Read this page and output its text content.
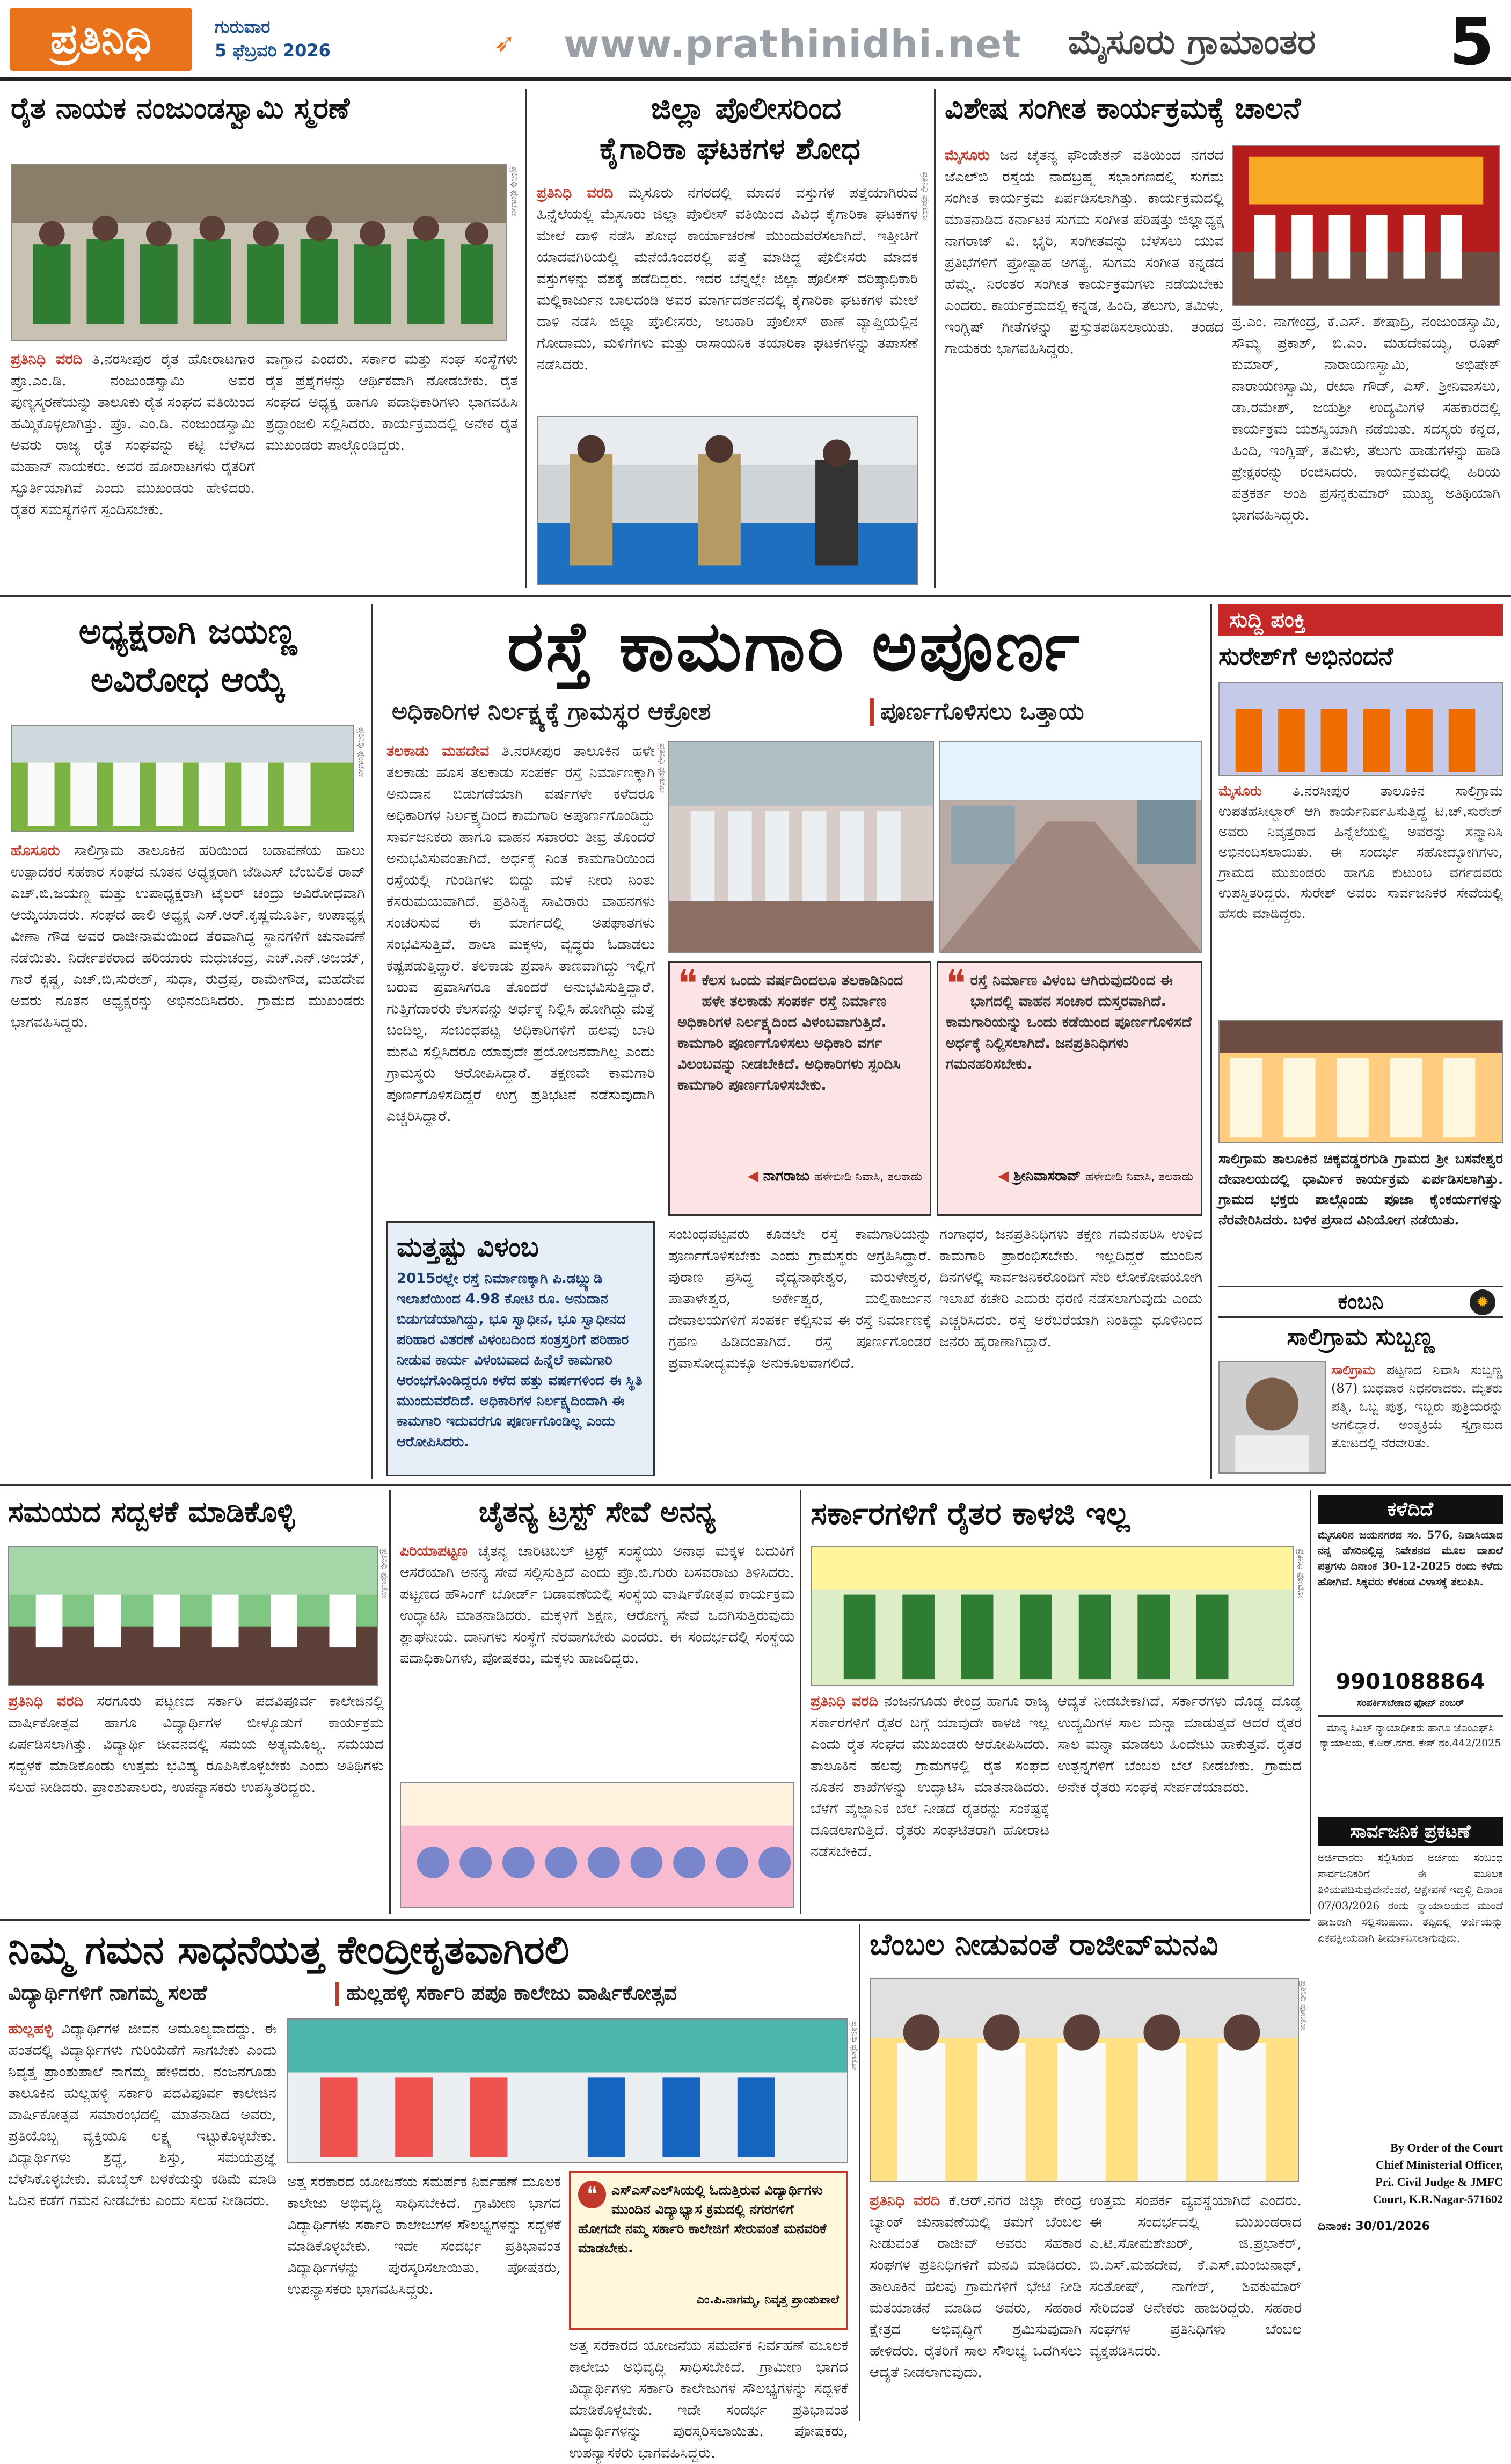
ಪ್ರತಿನಿಧಿ	ಗುರುವಾರ
5 ಫೆಬ್ರವರಿ 2026	➶ www.prathinidhi.net ಮೈಸೂರು ಗ್ರಾಮಾಂತರ 5
ರೈತ ನಾಯಕ ನಂಜುಂಡಸ್ವಾಮಿ ಸ್ಮರಣೆ
ಪ್ರತಿನಿಧಿ ಫೋಟೋ
ಪ್ರತಿನಿಧಿ ವರದಿ ತಿ.ನರಸೀಪುರ ರೈತ ಹೋರಾಟಗಾರ ಪ್ರೊ.ಎಂ.ಡಿ. ನಂಜುಂಡಸ್ವಾಮಿ ಅವರ ಪುಣ್ಯಸ್ಮರಣೆಯನ್ನು ತಾಲೂಕು ರೈತ ಸಂಘದ ವತಿಯಿಂದ ಹಮ್ಮಿಕೊಳ್ಳಲಾಗಿತ್ತು. ಪ್ರೊ. ಎಂ.ಡಿ. ನಂಜುಂಡಸ್ವಾಮಿ ಅವರು ರಾಜ್ಯ ರೈತ ಸಂಘವನ್ನು ಕಟ್ಟಿ ಬೆಳೆಸಿದ ಮಹಾನ್ ನಾಯಕರು. ಅವರ ಹೋರಾಟಗಳು ರೈತರಿಗೆ ಸ್ಫೂರ್ತಿಯಾಗಿವೆ ಎಂದು ಮುಖಂಡರು ಹೇಳಿದರು. ರೈತರ ಸಮಸ್ಯೆಗಳಿಗೆ ಸ್ಪಂದಿಸಬೇಕು.
ವಾಗ್ದಾನ ಎಂದರು. ಸರ್ಕಾರ ಮತ್ತು ಸಂಘ ಸಂಸ್ಥೆಗಳು ರೈತ ಪ್ರಶ್ನೆಗಳನ್ನು ಆರ್ಥಿಕವಾಗಿ ನೋಡಬೇಕು. ರೈತ ಸಂಘದ ಅಧ್ಯಕ್ಷ ಹಾಗೂ ಪದಾಧಿಕಾರಿಗಳು ಭಾಗವಹಿಸಿ ಶ್ರದ್ಧಾಂಜಲಿ ಸಲ್ಲಿಸಿದರು. ಕಾರ್ಯಕ್ರಮದಲ್ಲಿ ಅನೇಕ ರೈತ ಮುಖಂಡರು ಪಾಲ್ಗೊಂಡಿದ್ದರು.
ಜಿಲ್ಲಾ ಪೊಲೀಸರಿಂದ
ಕೈಗಾರಿಕಾ ಘಟಕಗಳ ಶೋಧ
ಪ್ರತಿನಿಧಿ ಫೋಟೋ
ಪ್ರತಿನಿಧಿ ವರದಿ ಮೈಸೂರು ನಗರದಲ್ಲಿ ಮಾದಕ ವಸ್ತುಗಳ ಪತ್ತೆಯಾಗಿರುವ ಹಿನ್ನೆಲೆಯಲ್ಲಿ ಮೈಸೂರು ಜಿಲ್ಲಾ ಪೊಲೀಸ್ ವತಿಯಿಂದ ವಿವಿಧ ಕೈಗಾರಿಕಾ ಘಟಕಗಳ ಮೇಲೆ ದಾಳಿ ನಡೆಸಿ ಶೋಧ ಕಾರ್ಯಾಚರಣೆ ಮುಂದುವರೆಸಲಾಗಿದೆ. ಇತ್ತೀಚಿಗೆ ಯಾದವಗಿರಿಯಲ್ಲಿ ಮನೆಯೊಂದರಲ್ಲಿ ಪತ್ತೆ ಮಾಡಿದ್ದ ಪೊಲೀಸರು ಮಾದಕ ವಸ್ತುಗಳನ್ನು ವಶಕ್ಕೆ ಪಡೆದಿದ್ದರು. ಇದರ ಬೆನ್ನಲ್ಲೇ ಜಿಲ್ಲಾ ಪೊಲೀಸ್ ವರಿಷ್ಠಾಧಿಕಾರಿ ಮಲ್ಲಿಕಾರ್ಜುನ ಬಾಲದಂಡಿ ಅವರ ಮಾರ್ಗದರ್ಶನದಲ್ಲಿ ಕೈಗಾರಿಕಾ ಘಟಕಗಳ ಮೇಲೆ ದಾಳಿ ನಡೆಸಿ ಜಿಲ್ಲಾ ಪೊಲೀಸರು, ಅಬಕಾರಿ ಪೊಲೀಸ್ ಠಾಣೆ ವ್ಯಾಪ್ತಿಯಲ್ಲಿನ ಗೋದಾಮು, ಮಳಿಗೆಗಳು ಮತ್ತು ರಾಸಾಯನಿಕ ತಯಾರಿಕಾ ಘಟಕಗಳನ್ನು ತಪಾಸಣೆ ನಡೆಸಿದರು.
ವಿಶೇಷ ಸಂಗೀತ ಕಾರ್ಯಕ್ರಮಕ್ಕೆ ಚಾಲನೆ
ಮೈಸೂರು ಜನ ಚೈತನ್ಯ ಫೌಂಡೇಶನ್ ವತಿಯಿಂದ ನಗರದ ಜೆಎಲ್‌ಬಿ ರಸ್ತೆಯ ನಾದಬ್ರಹ್ಮ ಸಭಾಂಗಣದಲ್ಲಿ ಸುಗಮ ಸಂಗೀತ ಕಾರ್ಯಕ್ರಮ ಏರ್ಪಡಿಸಲಾಗಿತ್ತು. ಕಾರ್ಯಕ್ರಮದಲ್ಲಿ ಮಾತನಾಡಿದ ಕರ್ನಾಟಕ ಸುಗಮ ಸಂಗೀತ ಪರಿಷತ್ತು ಜಿಲ್ಲಾಧ್ಯಕ್ಷ ನಾಗರಾಜ್ ವಿ. ಭೈರಿ, ಸಂಗೀತವನ್ನು ಬೆಳೆಸಲು ಯುವ ಪ್ರತಿಭೆಗಳಿಗೆ ಪ್ರೋತ್ಸಾಹ ಅಗತ್ಯ. ಸುಗಮ ಸಂಗೀತ ಕನ್ನಡದ ಹೆಮ್ಮೆ. ನಿರಂತರ ಸಂಗೀತ ಕಾರ್ಯಕ್ರಮಗಳು ನಡೆಯಬೇಕು ಎಂದರು. ಕಾರ್ಯಕ್ರಮದಲ್ಲಿ ಕನ್ನಡ, ಹಿಂದಿ, ತೆಲುಗು, ತಮಿಳು, ಇಂಗ್ಲಿಷ್ ಗೀತೆಗಳನ್ನು ಪ್ರಸ್ತುತಪಡಿಸಲಾಯಿತು. ತಂಡದ ಗಾಯಕರು ಭಾಗವಹಿಸಿದ್ದರು.
ಪ್ರ.ಎಂ. ನಾಗೇಂದ್ರ, ಕೆ.ಎಸ್. ಶೇಷಾದ್ರಿ, ನಂಜುಂಡಸ್ವಾಮಿ, ಸೌಮ್ಯ ಪ್ರಕಾಶ್, ಬಿ.ಎಂ. ಮಹದೇವಯ್ಯ, ರೂಪ್ ಕುಮಾರ್, ನಾರಾಯಣಸ್ವಾಮಿ, ಅಭಿಷೇಕ್ ನಾರಾಯಣಸ್ವಾಮಿ, ರೇಖಾ ಗೌಡ್, ಎಸ್. ಶ್ರೀನಿವಾಸಲು, ಡಾ.ರಮೇಶ್, ಜಯಶ್ರೀ ಉದ್ಯಮಿಗಳ ಸಹಕಾರದಲ್ಲಿ ಕಾರ್ಯಕ್ರಮ ಯಶಸ್ವಿಯಾಗಿ ನಡೆಯಿತು. ಸದಸ್ಯರು ಕನ್ನಡ, ಹಿಂದಿ, ಇಂಗ್ಲಿಷ್, ತಮಿಳು, ತೆಲುಗು ಹಾಡುಗಳನ್ನು ಹಾಡಿ ಪ್ರೇಕ್ಷಕರನ್ನು ರಂಜಿಸಿದರು. ಕಾರ್ಯಕ್ರಮದಲ್ಲಿ ಹಿರಿಯ ಪತ್ರಕರ್ತ ಅಂಶಿ ಪ್ರಸನ್ನಕುಮಾರ್ ಮುಖ್ಯ ಅತಿಥಿಯಾಗಿ ಭಾಗವಹಿಸಿದ್ದರು.
ಅಧ್ಯಕ್ಷರಾಗಿ ಜಯಣ್ಣ
ಅವಿರೋಧ ಆಯ್ಕೆ
ಪ್ರತಿನಿಧಿ ಫೋಟೋ
ಹೊಸೂರು ಸಾಲಿಗ್ರಾಮ ತಾಲೂಕಿನ ಹರಿಯಿಂದ ಬಡಾವಣೆಯ ಹಾಲು ಉತ್ಪಾದಕರ ಸಹಕಾರ ಸಂಘದ ನೂತನ ಅಧ್ಯಕ್ಷರಾಗಿ ಜೆಡಿಎಸ್ ಬೆಂಬಲಿತ ರಾವ್ ಎಚ್.ಬಿ.ಜಯಣ್ಣ ಮತ್ತು ಉಪಾಧ್ಯಕ್ಷರಾಗಿ ಟೈಲರ್ ಚಂದ್ರು ಅವಿರೋಧವಾಗಿ ಆಯ್ಕೆಯಾದರು. ಸಂಘದ ಹಾಲಿ ಅಧ್ಯಕ್ಷ ಎಸ್.ಆರ್.ಕೃಷ್ಣಮೂರ್ತಿ, ಉಪಾಧ್ಯಕ್ಷ ವೀಣಾ ಗೌಡ ಅವರ ರಾಜೀನಾಮೆಯಿಂದ ತೆರವಾಗಿದ್ದ ಸ್ಥಾನಗಳಿಗೆ ಚುನಾವಣೆ ನಡೆಯಿತು. ನಿರ್ದೇಶಕರಾದ ಹರಿಯಾರು ಮಧುಚಂದ್ರ, ಎಚ್.ಎನ್.ಅಜಯ್, ಗಾರೆ ಕೃಷ್ಣ, ಎಚ್.ಬಿ.ಸುರೇಶ್, ಸುಧಾ, ರುದ್ರಪ್ಪ, ರಾಮೇಗೌಡ, ಮಹದೇವ ಅವರು ನೂತನ ಅಧ್ಯಕ್ಷರನ್ನು ಅಭಿನಂದಿಸಿದರು. ಗ್ರಾಮದ ಮುಖಂಡರು ಭಾಗವಹಿಸಿದ್ದರು.
ರಸ್ತೆ ಕಾಮಗಾರಿ ಅಪೂರ್ಣ
ಅಧಿಕಾರಿಗಳ ನಿರ್ಲಕ್ಷ್ಯಕ್ಕೆ ಗ್ರಾಮಸ್ಥರ ಆಕ್ರೋಶ	ಪೂರ್ಣಗೊಳಿಸಲು ಒತ್ತಾಯ
ತಲಕಾಡು ಮಹದೇವ ತಿ.ನರಸೀಪುರ ತಾಲೂಕಿನ ಹಳೇ ತಲಕಾಡು ಹೊಸ ತಲಕಾಡು ಸಂಪರ್ಕ ರಸ್ತೆ ನಿರ್ಮಾಣಕ್ಕಾಗಿ ಅನುದಾನ ಬಿಡುಗಡೆಯಾಗಿ ವರ್ಷಗಳೇ ಕಳೆದರೂ ಅಧಿಕಾರಿಗಳ ನಿರ್ಲಕ್ಷ್ಯದಿಂದ ಕಾಮಗಾರಿ ಅಪೂರ್ಣಗೊಂಡಿದ್ದು ಸಾರ್ವಜನಿಕರು ಹಾಗೂ ವಾಹನ ಸವಾರರು ತೀವ್ರ ತೊಂದರೆ ಅನುಭವಿಸುವಂತಾಗಿದೆ. ಅರ್ಧಕ್ಕೆ ನಿಂತ ಕಾಮಗಾರಿಯಿಂದ ರಸ್ತೆಯಲ್ಲಿ ಗುಂಡಿಗಳು ಬಿದ್ದು ಮಳೆ ನೀರು ನಿಂತು ಕೆಸರುಮಯವಾಗಿದೆ. ಪ್ರತಿನಿತ್ಯ ಸಾವಿರಾರು ವಾಹನಗಳು ಸಂಚರಿಸುವ ಈ ಮಾರ್ಗದಲ್ಲಿ ಅಪಘಾತಗಳು ಸಂಭವಿಸುತ್ತಿವೆ. ಶಾಲಾ ಮಕ್ಕಳು, ವೃದ್ಧರು ಓಡಾಡಲು ಕಷ್ಟಪಡುತ್ತಿದ್ದಾರೆ. ತಲಕಾಡು ಪ್ರವಾಸಿ ತಾಣವಾಗಿದ್ದು ಇಲ್ಲಿಗೆ ಬರುವ ಪ್ರವಾಸಿಗರೂ ತೊಂದರೆ ಅನುಭವಿಸುತ್ತಿದ್ದಾರೆ. ಗುತ್ತಿಗೆದಾರರು ಕೆಲಸವನ್ನು ಅರ್ಧಕ್ಕೆ ನಿಲ್ಲಿಸಿ ಹೋಗಿದ್ದು ಮತ್ತೆ ಬಂದಿಲ್ಲ. ಸಂಬಂಧಪಟ್ಟ ಅಧಿಕಾರಿಗಳಿಗೆ ಹಲವು ಬಾರಿ ಮನವಿ ಸಲ್ಲಿಸಿದರೂ ಯಾವುದೇ ಪ್ರಯೋಜನವಾಗಿಲ್ಲ ಎಂದು ಗ್ರಾಮಸ್ಥರು ಆರೋಪಿಸಿದ್ದಾರೆ. ತಕ್ಷಣವೇ ಕಾಮಗಾರಿ ಪೂರ್ಣಗೊಳಿಸದಿದ್ದರೆ ಉಗ್ರ ಪ್ರತಿಭಟನೆ ನಡೆಸುವುದಾಗಿ ಎಚ್ಚರಿಸಿದ್ದಾರೆ.
ಪ್ರತಿನಿಧಿ ಫೋಟೋ
❝ ಕೆಲಸ ಒಂದು ವರ್ಷದಿಂದಲೂ ತಲಕಾಡಿನಿಂದ ಹಳೇ ತಲಕಾಡು ಸಂಪರ್ಕ ರಸ್ತೆ ನಿರ್ಮಾಣ ಅಧಿಕಾರಿಗಳ ನಿರ್ಲಕ್ಷ್ಯದಿಂದ ವಿಳಂಬವಾಗುತ್ತಿದೆ. ಕಾಮಗಾರಿ ಪೂರ್ಣಗೊಳಿಸಲು ಅಧಿಕಾರಿ ವರ್ಗ ವಿಲಂಬವನ್ನು ನೀಡಬೇಕಿದೆ. ಅಧಿಕಾರಿಗಳು ಸ್ಪಂದಿಸಿ ಕಾಮಗಾರಿ ಪೂರ್ಣಗೊಳಿಸಬೇಕು.
◀ ನಾಗರಾಜು ಹಳೇಬೀಡಿ ನಿವಾಸಿ, ತಲಕಾಡು
❝ ರಸ್ತೆ ನಿರ್ಮಾಣ ವಿಳಂಬ ಆಗಿರುವುದರಿಂದ ಈ ಭಾಗದಲ್ಲಿ ವಾಹನ ಸಂಚಾರ ದುಸ್ತರವಾಗಿದೆ. ಕಾಮಗಾರಿಯನ್ನು ಒಂದು ಕಡೆಯಿಂದ ಪೂರ್ಣಗೊಳಿಸದೆ ಅರ್ಧಕ್ಕೆ ನಿಲ್ಲಿಸಲಾಗಿದೆ. ಜನಪ್ರತಿನಿಧಿಗಳು ಗಮನಹರಿಸಬೇಕು.
◀ ಶ್ರೀನಿವಾಸರಾವ್ ಹಳೇಬೀಡಿ ನಿವಾಸಿ, ತಲಕಾಡು
ಮತ್ತಷ್ಟು ವಿಳಂಬ
2015ರಲ್ಲೇ ರಸ್ತೆ ನಿರ್ಮಾಣಕ್ಕಾಗಿ ಪಿ.ಡಬ್ಲ್ಯುಡಿ ಇಲಾಖೆಯಿಂದ 4.98 ಕೋಟಿ ರೂ. ಅನುದಾನ ಬಿಡುಗಡೆಯಾಗಿದ್ದು, ಭೂ ಸ್ವಾಧೀನ, ಭೂ ಸ್ವಾಧೀನದ ಪರಿಹಾರ ವಿತರಣೆ ವಿಳಂಬದಿಂದ ಸಂತ್ರಸ್ತರಿಗೆ ಪರಿಹಾರ ನೀಡುವ ಕಾರ್ಯ ವಿಳಂಬವಾದ ಹಿನ್ನೆಲೆ ಕಾಮಗಾರಿ ಆರಂಭಗೊಂಡಿದ್ದರೂ ಕಳೆದ ಹತ್ತು ವರ್ಷಗಳಿಂದ ಈ ಸ್ಥಿತಿ ಮುಂದುವರೆದಿದೆ. ಅಧಿಕಾರಿಗಳ ನಿರ್ಲಕ್ಷ್ಯದಿಂದಾಗಿ ಈ ಕಾಮಗಾರಿ ಇದುವರೆಗೂ ಪೂರ್ಣಗೊಂಡಿಲ್ಲ ಎಂದು ಆರೋಪಿಸಿದರು.
ಸಂಬಂಧಪಟ್ಟವರು ಕೂಡಲೇ ರಸ್ತೆ ಕಾಮಗಾರಿಯನ್ನು ಪೂರ್ಣಗೊಳಿಸಬೇಕು ಎಂದು ಗ್ರಾಮಸ್ಥರು ಆಗ್ರಹಿಸಿದ್ದಾರೆ. ಪುರಾಣ ಪ್ರಸಿದ್ಧ ವೈದ್ಯನಾಥೇಶ್ವರ, ಮರುಳೇಶ್ವರ, ಪಾತಾಳೇಶ್ವರ, ಅರ್ಕೇಶ್ವರ, ಮಲ್ಲಿಕಾರ್ಜುನ ದೇವಾಲಯಗಳಿಗೆ ಸಂಪರ್ಕ ಕಲ್ಪಿಸುವ ಈ ರಸ್ತೆ ನಿರ್ಮಾಣಕ್ಕೆ ಗ್ರಹಣ ಹಿಡಿದಂತಾಗಿದೆ. ರಸ್ತೆ ಪೂರ್ಣಗೊಂಡರೆ ಪ್ರವಾಸೋದ್ಯಮಕ್ಕೂ ಅನುಕೂಲವಾಗಲಿದೆ.
ಗಂಗಾಧರ, ಜನಪ್ರತಿನಿಧಿಗಳು ತಕ್ಷಣ ಗಮನಹರಿಸಿ ಉಳಿದ ಕಾಮಗಾರಿ ಪ್ರಾರಂಭಿಸಬೇಕು. ಇಲ್ಲದಿದ್ದರೆ ಮುಂದಿನ ದಿನಗಳಲ್ಲಿ ಸಾರ್ವಜನಿಕರೊಂದಿಗೆ ಸೇರಿ ಲೋಕೋಪಯೋಗಿ ಇಲಾಖೆ ಕಚೇರಿ ಎದುರು ಧರಣಿ ನಡೆಸಲಾಗುವುದು ಎಂದು ಎಚ್ಚರಿಸಿದರು. ರಸ್ತೆ ಅರೆಬರೆಯಾಗಿ ನಿಂತಿದ್ದು ಧೂಳಿನಿಂದ ಜನರು ಹೈರಾಣಾಗಿದ್ದಾರೆ.
ಸುದ್ದಿ ಪಂಕ್ತಿ
ಸುರೇಶ್‌ಗೆ ಅಭಿನಂದನೆ
ಮೈಸೂರು ತಿ.ನರಸೀಪುರ ತಾಲೂಕಿನ ಸಾಲಿಗ್ರಾಮ ಉಪತಹಸೀಲ್ದಾರ್ ಆಗಿ ಕಾರ್ಯನಿರ್ವಹಿಸುತ್ತಿದ್ದ ಟಿ.ಚ್.ಸುರೇಶ್ ಅವರು ನಿವೃತ್ತರಾದ ಹಿನ್ನೆಲೆಯಲ್ಲಿ ಅವರನ್ನು ಸನ್ಮಾನಿಸಿ ಅಭಿನಂದಿಸಲಾಯಿತು. ಈ ಸಂದರ್ಭ ಸಹೋದ್ಯೋಗಿಗಳು, ಗ್ರಾಮದ ಮುಖಂಡರು ಹಾಗೂ ಕುಟುಂಬ ವರ್ಗದವರು ಉಪಸ್ಥಿತರಿದ್ದರು. ಸುರೇಶ್ ಅವರು ಸಾರ್ವಜನಿಕರ ಸೇವೆಯಲ್ಲಿ ಹೆಸರು ಮಾಡಿದ್ದರು.
ಸಾಲಿಗ್ರಾಮ ತಾಲೂಕಿನ ಚಿಕ್ಕವಡ್ಡರಗುಡಿ ಗ್ರಾಮದ ಶ್ರೀ ಬಸವೇಶ್ವರ ದೇವಾಲಯದಲ್ಲಿ ಧಾರ್ಮಿಕ ಕಾರ್ಯಕ್ರಮ ಏರ್ಪಡಿಸಲಾಗಿತ್ತು. ಗ್ರಾಮದ ಭಕ್ತರು ಪಾಲ್ಗೊಂಡು ಪೂಜಾ ಕೈಂಕರ್ಯಗಳನ್ನು ನೆರವೇರಿಸಿದರು. ಬಳಿಕ ಪ್ರಸಾದ ವಿನಿಯೋಗ ನಡೆಯಿತು.
ಕಂಬನಿ	✹
ಸಾಲಿಗ್ರಾಮ ಸುಬ್ಬಣ್ಣ
ಸಾಲಿಗ್ರಾಮ ಪಟ್ಟಣದ ನಿವಾಸಿ ಸುಬ್ಬಣ್ಣ (87) ಬುಧವಾರ ನಿಧನರಾದರು. ಮೃತರು ಪತ್ನಿ, ಒಬ್ಬ ಪುತ್ರ, ಇಬ್ಬರು ಪುತ್ರಿಯರನ್ನು ಅಗಲಿದ್ದಾರೆ. ಅಂತ್ಯಕ್ರಿಯೆ ಸ್ವಗ್ರಾಮದ ತೋಟದಲ್ಲಿ ನೆರವೇರಿತು.
ಸಮಯದ ಸದ್ಬಳಕೆ ಮಾಡಿಕೊಳ್ಳಿ
ಪ್ರತಿನಿಧಿ ಫೋಟೋ
ಪ್ರತಿನಿಧಿ ವರದಿ ಸರಗೂರು ಪಟ್ಟಣದ ಸರ್ಕಾರಿ ಪದವಿಪೂರ್ವ ಕಾಲೇಜಿನಲ್ಲಿ ವಾರ್ಷಿಕೋತ್ಸವ ಹಾಗೂ ವಿದ್ಯಾರ್ಥಿಗಳ ಬೀಳ್ಕೊಡುಗೆ ಕಾರ್ಯಕ್ರಮ ಏರ್ಪಡಿಸಲಾಗಿತ್ತು. ವಿದ್ಯಾರ್ಥಿ ಜೀವನದಲ್ಲಿ ಸಮಯ ಅತ್ಯಮೂಲ್ಯ. ಸಮಯದ ಸದ್ಬಳಕೆ ಮಾಡಿಕೊಂಡು ಉತ್ತಮ ಭವಿಷ್ಯ ರೂಪಿಸಿಕೊಳ್ಳಬೇಕು ಎಂದು ಅತಿಥಿಗಳು ಸಲಹೆ ನೀಡಿದರು. ಪ್ರಾಂಶುಪಾಲರು, ಉಪನ್ಯಾಸಕರು ಉಪಸ್ಥಿತರಿದ್ದರು.
ಚೈತನ್ಯ ಟ್ರಸ್ಟ್ ಸೇವೆ ಅನನ್ಯ
ಪಿರಿಯಾಪಟ್ಟಣ ಚೈತನ್ಯ ಚಾರಿಟಬಲ್ ಟ್ರಸ್ಟ್ ಸಂಸ್ಥೆಯು ಅನಾಥ ಮಕ್ಕಳ ಬದುಕಿಗೆ ಆಸರೆಯಾಗಿ ಅನನ್ಯ ಸೇವೆ ಸಲ್ಲಿಸುತ್ತಿದೆ ಎಂದು ಪ್ರೊ.ಬಿ.ಗುರು ಬಸವರಾಜು ತಿಳಿಸಿದರು. ಪಟ್ಟಣದ ಹೌಸಿಂಗ್ ಬೋರ್ಡ್ ಬಡಾವಣೆಯಲ್ಲಿ ಸಂಸ್ಥೆಯ ವಾರ್ಷಿಕೋತ್ಸವ ಕಾರ್ಯಕ್ರಮ ಉದ್ಘಾಟಿಸಿ ಮಾತನಾಡಿದರು. ಮಕ್ಕಳಿಗೆ ಶಿಕ್ಷಣ, ಆರೋಗ್ಯ ಸೇವೆ ಒದಗಿಸುತ್ತಿರುವುದು ಶ್ಲಾಘನೀಯ. ದಾನಿಗಳು ಸಂಸ್ಥೆಗೆ ನೆರವಾಗಬೇಕು ಎಂದರು. ಈ ಸಂದರ್ಭದಲ್ಲಿ ಸಂಸ್ಥೆಯ ಪದಾಧಿಕಾರಿಗಳು, ಪೋಷಕರು, ಮಕ್ಕಳು ಹಾಜರಿದ್ದರು.
ಸರ್ಕಾರಗಳಿಗೆ ರೈತರ ಕಾಳಜಿ ಇಲ್ಲ
ಪ್ರತಿನಿಧಿ ಫೋಟೋ
ಪ್ರತಿನಿಧಿ ವರದಿ ನಂಜನಗೂಡು ಕೇಂದ್ರ ಹಾಗೂ ರಾಜ್ಯ ಸರ್ಕಾರಗಳಿಗೆ ರೈತರ ಬಗ್ಗೆ ಯಾವುದೇ ಕಾಳಜಿ ಇಲ್ಲ ಎಂದು ರೈತ ಸಂಘದ ಮುಖಂಡರು ಆರೋಪಿಸಿದರು. ತಾಲೂಕಿನ ಹಲವು ಗ್ರಾಮಗಳಲ್ಲಿ ರೈತ ಸಂಘದ ನೂತನ ಶಾಖೆಗಳನ್ನು ಉದ್ಘಾಟಿಸಿ ಮಾತನಾಡಿದರು. ಬೆಳೆಗೆ ವೈಜ್ಞಾನಿಕ ಬೆಲೆ ನೀಡದೆ ರೈತರನ್ನು ಸಂಕಷ್ಟಕ್ಕೆ ದೂಡಲಾಗುತ್ತಿದೆ. ರೈತರು ಸಂಘಟಿತರಾಗಿ ಹೋರಾಟ ನಡೆಸಬೇಕಿದೆ.
ಆದ್ಯತೆ ನೀಡಬೇಕಾಗಿದೆ. ಸರ್ಕಾರಗಳು ದೊಡ್ಡ ದೊಡ್ಡ ಉದ್ಯಮಿಗಳ ಸಾಲ ಮನ್ನಾ ಮಾಡುತ್ತವೆ ಆದರೆ ರೈತರ ಸಾಲ ಮನ್ನಾ ಮಾಡಲು ಹಿಂದೇಟು ಹಾಕುತ್ತವೆ. ರೈತರ ಉತ್ಪನ್ನಗಳಿಗೆ ಬೆಂಬಲ ಬೆಲೆ ನೀಡಬೇಕು. ಗ್ರಾಮದ ಅನೇಕ ರೈತರು ಸಂಘಕ್ಕೆ ಸೇರ್ಪಡೆಯಾದರು.
ಕಳೆದಿದೆ
ಮೈಸೂರಿನ ಜಯನಗರದ ಸಂ. 576, ನಿವಾಸಿಯಾದ ನನ್ನ ಹೆಸರಿನಲ್ಲಿದ್ದ ನಿವೇಶನದ ಮೂಲ ದಾಖಲೆ ಪತ್ರಗಳು ದಿನಾಂಕ 30-12-2025 ರಂದು ಕಳೆದು ಹೋಗಿವೆ. ಸಿಕ್ಕವರು ಕೆಳಕಂಡ ವಿಳಾಸಕ್ಕೆ ತಲುಪಿಸಿ.
9901088864
ಸಂಪರ್ಕಿಸಬೇಕಾದ ಫೋನ್ ನಂಬರ್
ಮಾನ್ಯ ಸಿವಿಲ್ ನ್ಯಾಯಾಧೀಶರು ಹಾಗೂ ಜೆಎಂಎಫ್‌ಸಿ ನ್ಯಾಯಾಲಯ, ಕೆ.ಆರ್.ನಗರ. ಕೇಸ್ ನಂ.442/2025
ಸಾರ್ವಜನಿಕ ಪ್ರಕಟಣೆ
ಅರ್ಜಿದಾರರು ಸಲ್ಲಿಸಿರುವ ಅರ್ಜಿಯ ಸಂಬಂಧ ಸಾರ್ವಜನಿಕರಿಗೆ ಈ ಮೂಲಕ ತಿಳಿಯಪಡಿಸುವುದೇನೆಂದರೆ, ಆಕ್ಷೇಪಣೆ ಇದ್ದಲ್ಲಿ ದಿನಾಂಕ 07/03/2026 ರಂದು ನ್ಯಾಯಾಲಯದ ಮುಂದೆ ಹಾಜರಾಗಿ ಸಲ್ಲಿಸಬಹುದು. ತಪ್ಪಿದಲ್ಲಿ ಅರ್ಜಿಯನ್ನು ಏಕಪಕ್ಷೀಯವಾಗಿ ತೀರ್ಮಾನಿಸಲಾಗುವುದು.
By Order of the Court
Chief Ministerial Officer,
Pri. Civil Judge & JMFC
Court, K.R.Nagar-571602
ದಿನಾಂಕ: 30/01/2026
ನಿಮ್ಮ ಗಮನ ಸಾಧನೆಯತ್ತ ಕೇಂದ್ರೀಕೃತವಾಗಿರಲಿ
ವಿದ್ಯಾರ್ಥಿಗಳಿಗೆ ನಾಗಮ್ಮ ಸಲಹೆ	ಹುಲ್ಲಹಳ್ಳಿ ಸರ್ಕಾರಿ ಪಪೂ ಕಾಲೇಜು ವಾರ್ಷಿಕೋತ್ಸವ
ಹುಲ್ಲಹಳ್ಳಿ ವಿದ್ಯಾರ್ಥಿಗಳ ಜೀವನ ಅಮೂಲ್ಯವಾದದ್ದು. ಈ ಹಂತದಲ್ಲಿ ವಿದ್ಯಾರ್ಥಿಗಳು ಗುರಿಯೆಡೆಗೆ ಸಾಗಬೇಕು ಎಂದು ನಿವೃತ್ತ ಪ್ರಾಂಶುಪಾಲೆ ನಾಗಮ್ಮ ಹೇಳಿದರು. ನಂಜನಗೂಡು ತಾಲೂಕಿನ ಹುಲ್ಲಹಳ್ಳಿ ಸರ್ಕಾರಿ ಪದವಿಪೂರ್ವ ಕಾಲೇಜಿನ ವಾರ್ಷಿಕೋತ್ಸವ ಸಮಾರಂಭದಲ್ಲಿ ಮಾತನಾಡಿದ ಅವರು, ಪ್ರತಿಯೊಬ್ಬ ವ್ಯಕ್ತಿಯೂ ಲಕ್ಷ್ಯ ಇಟ್ಟುಕೊಳ್ಳಬೇಕು. ವಿದ್ಯಾರ್ಥಿಗಳು ಶ್ರದ್ಧೆ, ಶಿಸ್ತು, ಸಮಯಪ್ರಜ್ಞೆ ಬೆಳೆಸಿಕೊಳ್ಳಬೇಕು. ಮೊಬೈಲ್ ಬಳಕೆಯನ್ನು ಕಡಿಮೆ ಮಾಡಿ ಓದಿನ ಕಡೆಗೆ ಗಮನ ನೀಡಬೇಕು ಎಂದು ಸಲಹೆ ನೀಡಿದರು.
ಪ್ರತಿನಿಧಿ ಫೋಟೋ
ಅತ್ತ ಸರಕಾರದ ಯೋಜನೆಯ ಸಮರ್ಪಕ ನಿರ್ವಹಣೆ ಮೂಲಕ ಕಾಲೇಜು ಅಭಿವೃದ್ಧಿ ಸಾಧಿಸಬೇಕಿದೆ. ಗ್ರಾಮೀಣ ಭಾಗದ ವಿದ್ಯಾರ್ಥಿಗಳು ಸರ್ಕಾರಿ ಕಾಲೇಜುಗಳ ಸೌಲಭ್ಯಗಳನ್ನು ಸದ್ಬಳಕೆ ಮಾಡಿಕೊಳ್ಳಬೇಕು. ಇದೇ ಸಂದರ್ಭ ಪ್ರತಿಭಾವಂತ ವಿದ್ಯಾರ್ಥಿಗಳನ್ನು ಪುರಸ್ಕರಿಸಲಾಯಿತು. ಪೋಷಕರು, ಉಪನ್ಯಾಸಕರು ಭಾಗವಹಿಸಿದ್ದರು.
❝	ಎಸ್‌ಎಸ್‌ಎಲ್‌ಸಿಯಲ್ಲಿ ಓದುತ್ತಿರುವ ವಿದ್ಯಾರ್ಥಿಗಳು ಮುಂದಿನ ವಿದ್ಯಾಭ್ಯಾಸ ಕ್ರಮದಲ್ಲಿ ನಗರಗಳಿಗೆ ಹೋಗದೇ ನಮ್ಮ ಸರ್ಕಾರಿ ಕಾಲೇಜಿಗೆ ಸೇರುವಂತೆ ಮನವರಿಕೆ ಮಾಡಬೇಕು.
ಎಂ.ಪಿ.ನಾಗಮ್ಮ, ನಿವೃತ್ತ ಪ್ರಾಂಶುಪಾಲೆ
ಅತ್ತ ಸರಕಾರದ ಯೋಜನೆಯ ಸಮರ್ಪಕ ನಿರ್ವಹಣೆ ಮೂಲಕ ಕಾಲೇಜು ಅಭಿವೃದ್ಧಿ ಸಾಧಿಸಬೇಕಿದೆ. ಗ್ರಾಮೀಣ ಭಾಗದ ವಿದ್ಯಾರ್ಥಿಗಳು ಸರ್ಕಾರಿ ಕಾಲೇಜುಗಳ ಸೌಲಭ್ಯಗಳನ್ನು ಸದ್ಬಳಕೆ ಮಾಡಿಕೊಳ್ಳಬೇಕು. ಇದೇ ಸಂದರ್ಭ ಪ್ರತಿಭಾವಂತ ವಿದ್ಯಾರ್ಥಿಗಳನ್ನು ಪುರಸ್ಕರಿಸಲಾಯಿತು. ಪೋಷಕರು, ಉಪನ್ಯಾಸಕರು ಭಾಗವಹಿಸಿದ್ದರು.
ಬೆಂಬಲ ನೀಡುವಂತೆ ರಾಜೀವ್‌ಮನವಿ
ಪ್ರತಿನಿಧಿ ಫೋಟೋ
ಪ್ರತಿನಿಧಿ ವರದಿ ಕೆ.ಆರ್.ನಗರ ಜಿಲ್ಲಾ ಕೇಂದ್ರ ಬ್ಯಾಂಕ್ ಚುನಾವಣೆಯಲ್ಲಿ ತಮಗೆ ಬೆಂಬಲ ನೀಡುವಂತೆ ರಾಜೀವ್ ಅವರು ಸಹಕಾರ ಸಂಘಗಳ ಪ್ರತಿನಿಧಿಗಳಿಗೆ ಮನವಿ ಮಾಡಿದರು. ತಾಲೂಕಿನ ಹಲವು ಗ್ರಾಮಗಳಿಗೆ ಭೇಟಿ ನೀಡಿ ಮತಯಾಚನೆ ಮಾಡಿದ ಅವರು, ಸಹಕಾರ ಕ್ಷೇತ್ರದ ಅಭಿವೃದ್ಧಿಗೆ ಶ್ರಮಿಸುವುದಾಗಿ ಹೇಳಿದರು. ರೈತರಿಗೆ ಸಾಲ ಸೌಲಭ್ಯ ಒದಗಿಸಲು ಆದ್ಯತೆ ನೀಡಲಾಗುವುದು.
ಉತ್ತಮ ಸಂಪರ್ಕ ವ್ಯವಸ್ಥೆಯಾಗಿದೆ ಎಂದರು. ಈ ಸಂದರ್ಭದಲ್ಲಿ ಮುಖಂಡರಾದ ಎ.ಟಿ.ಸೋಮಶೇಖರ್, ಜಿ.ಪ್ರಭಾಕರ್, ಬಿ.ಎಸ್.ಮಹದೇವ, ಕೆ.ಎಸ್.ಮಂಜುನಾಥ್, ಸಂತೋಷ್, ನಾಗೇಶ್, ಶಿವಕುಮಾರ್ ಸೇರಿದಂತೆ ಅನೇಕರು ಹಾಜರಿದ್ದರು. ಸಹಕಾರ ಸಂಘಗಳ ಪ್ರತಿನಿಧಿಗಳು ಬೆಂಬಲ ವ್ಯಕ್ತಪಡಿಸಿದರು.
